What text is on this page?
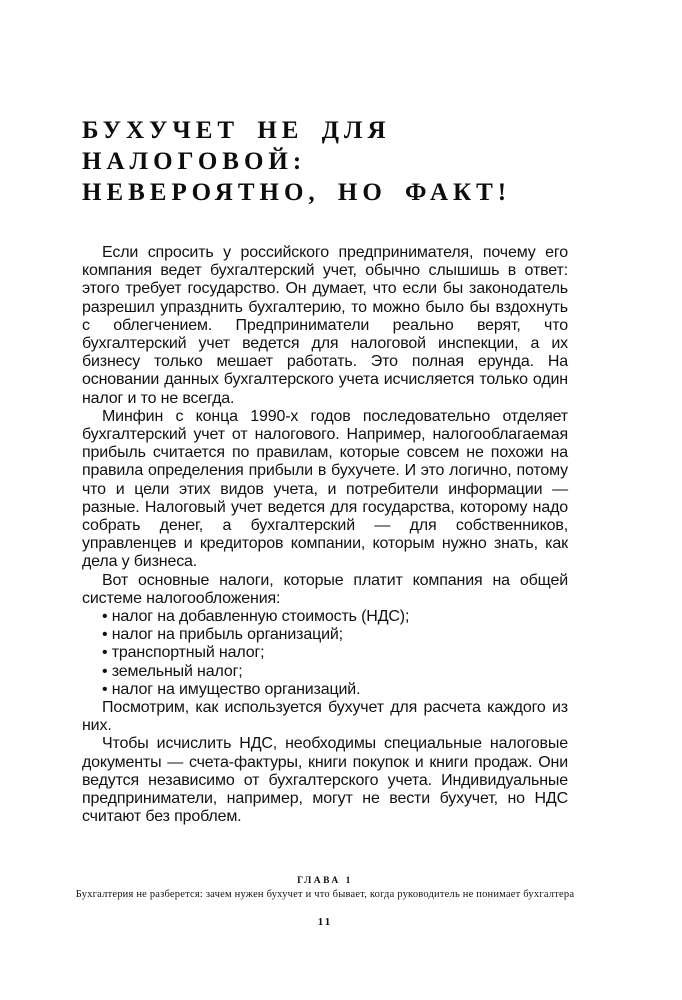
БУХУЧЕТ НЕ ДЛЯ
НАЛОГОВОЙ:
НЕВЕРОЯТНО, НО ФАКТ!

Если спросить у российского предпринимателя, почему его компания ведет бухгалтерский учет, обычно слышишь в ответ: этого требует государство. Он думает, что если бы законодатель разрешил упразднить бухгалтерию, то можно было бы вздохнуть с облегчением. Предприниматели реально верят, что бухгалтерский учет ведется для налоговой инспекции, а их бизнесу только мешает работать. Это полная ерунда. На основании данных бухгалтерского учета исчисляется только один налог и то не всегда.

Минфин с конца 1990-х годов последовательно отделяет бухгалтерский учет от налогового. Например, налогооблагаемая прибыль считается по правилам, которые совсем не похожи на правила определения прибыли в бухучете. И это логично, потому что и цели этих видов учета, и потребители информации — разные. Налоговый учет ведется для государства, которому надо собрать денег, а бухгалтерский — для собственников, управленцев и кредиторов компании, которым нужно знать, как дела у бизнеса.

Вот основные налоги, которые платит компания на общей системе налогообложения:

• налог на добавленную стоимость (НДС);
• налог на прибыль организаций;
• транспортный налог;
• земельный налог;
• налог на имущество организаций.

Посмотрим, как используется бухучет для расчета каждого из них.

Чтобы исчислить НДС, необходимы специальные налоговые документы — счета-фактуры, книги покупок и книги продаж. Они ведутся независимо от бухгалтерского учета. Индивидуальные предприниматели, например, могут не вести бухучет, но НДС считают без проблем.

ГЛАВА 1
Бухгалтерия не разберется: зачем нужен бухучет и что бывает, когда руководитель не понимает бухгалтера
11
